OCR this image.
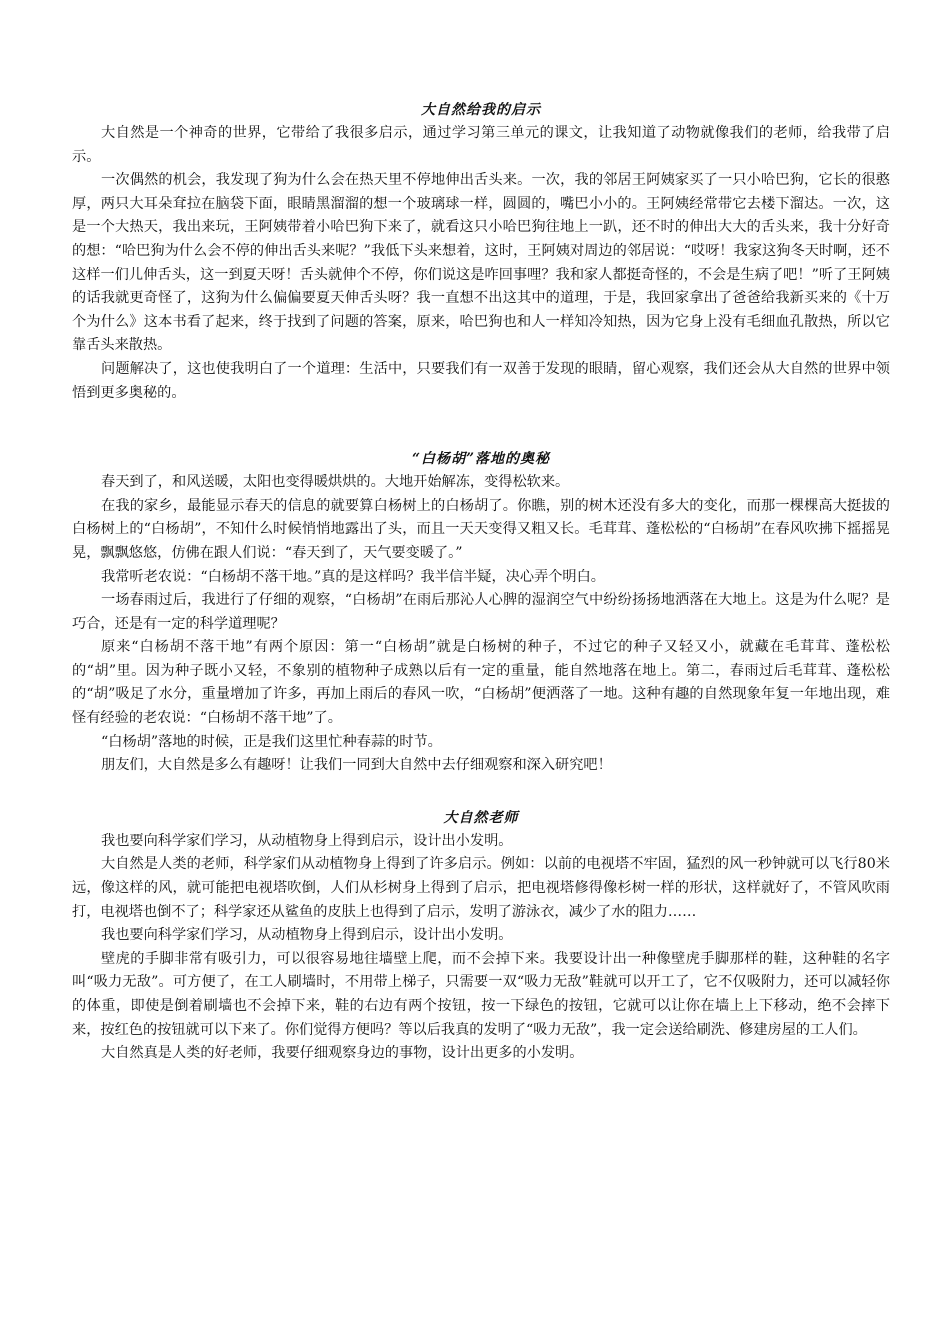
大自然给我的启示

大自然是一个神奇的世界，它带给了我很多启示，通过学习第三单元的课文，让我知道了动物就像我们的老师，给我带了启示。

一次偶然的机会，我发现了狗为什么会在热天里不停地伸出舌头来。一次，我的邻居王阿姨家买了一只小哈巴狗，它长的很憨厚，两只大耳朵耷拉在脑袋下面，眼睛黑溜溜的想一个玻璃球一样，圆圆的，嘴巴小小的。王阿姨经常带它去楼下溜达。一次，这是一个大热天，我出来玩，王阿姨带着小哈巴狗下来了，就看这只小哈巴狗往地上一趴，还不时的伸出大大的舌头来，我十分好奇的想：“哈巴狗为什么会不停的伸出舌头来呢？”我低下头来想着，这时，王阿姨对周边的邻居说：“哎呀！我家这狗冬天时啊，还不这样一们儿伸舌头，这一到夏天呀！舌头就伸个不停，你们说这是咋回事哩？我和家人都挺奇怪的，不会是生病了吧！”听了王阿姨的话我就更奇怪了，这狗为什么偏偏要夏天伸舌头呀？我一直想不出这其中的道理，于是，我回家拿出了爸爸给我新买来的《十万个为什么》这本书看了起来，终于找到了问题的答案，原来，哈巴狗也和人一样知冷知热，因为它身上没有毛细血孔散热，所以它靠舌头来散热。

问题解决了，这也使我明白了一个道理：生活中，只要我们有一双善于发现的眼睛，留心观察，我们还会从大自然的世界中领悟到更多奥秘的。

“白杨胡”落地的奥秘

春天到了，和风送暖，太阳也变得暖烘烘的。大地开始解冻，变得松软来。

在我的家乡，最能显示春天的信息的就要算白杨树上的白杨胡了。你瞧，别的树木还没有多大的变化，而那一棵棵高大挺拔的白杨树上的“白杨胡”，不知什么时候悄悄地露出了头，而且一天天变得又粗又长。毛茸茸、蓬松松的“白杨胡”在春风吹拂下摇摇晃晃，飘飘悠悠，仿佛在跟人们说：“春天到了，天气要变暖了。”

我常听老农说：“白杨胡不落干地。”真的是这样吗？我半信半疑，决心弄个明白。

一场春雨过后，我进行了仔细的观察，“白杨胡”在雨后那沁人心脾的湿润空气中纷纷扬扬地洒落在大地上。这是为什么呢？是巧合，还是有一定的科学道理呢？

原来“白杨胡不落干地”有两个原因：第一“白杨胡”就是白杨树的种子，不过它的种子又轻又小，就藏在毛茸茸、蓬松松的“胡”里。因为种子既小又轻，不象别的植物种子成熟以后有一定的重量，能自然地落在地上。第二，春雨过后毛茸茸、蓬松松的“胡”吸足了水分，重量增加了许多，再加上雨后的春风一吹，“白杨胡”便洒落了一地。这种有趣的自然现象年复一年地出现，难怪有经验的老农说：“白杨胡不落干地”了。

“白杨胡”落地的时候，正是我们这里忙种春蒜的时节。

朋友们，大自然是多么有趣呀！让我们一同到大自然中去仔细观察和深入研究吧！

大自然老师

我也要向科学家们学习，从动植物身上得到启示，设计出小发明。

大自然是人类的老师，科学家们从动植物身上得到了许多启示。例如：以前的电视塔不牢固，猛烈的风一秒钟就可以飞行80米远，像这样的风，就可能把电视塔吹倒，人们从杉树身上得到了启示，把电视塔修得像杉树一样的形状，这样就好了，不管风吹雨打，电视塔也倒不了；科学家还从鲨鱼的皮肤上也得到了启示，发明了游泳衣，减少了水的阻力……

我也要向科学家们学习，从动植物身上得到启示，设计出小发明。

壁虎的手脚非常有吸引力，可以很容易地往墙壁上爬，而不会掉下来。我要设计出一种像壁虎手脚那样的鞋，这种鞋的名字叫“吸力无敌”。可方便了，在工人刷墙时，不用带上梯子，只需要一双“吸力无敌”鞋就可以开工了，它不仅吸附力，还可以减轻你的体重，即使是倒着刷墙也不会掉下来，鞋的右边有两个按钮，按一下绿色的按钮，它就可以让你在墙上上下移动，绝不会摔下来，按红色的按钮就可以下来了。你们觉得方便吗？等以后我真的发明了“吸力无敌”，我一定会送给刷洗、修建房屋的工人们。

大自然真是人类的好老师，我要仔细观察身边的事物，设计出更多的小发明。
